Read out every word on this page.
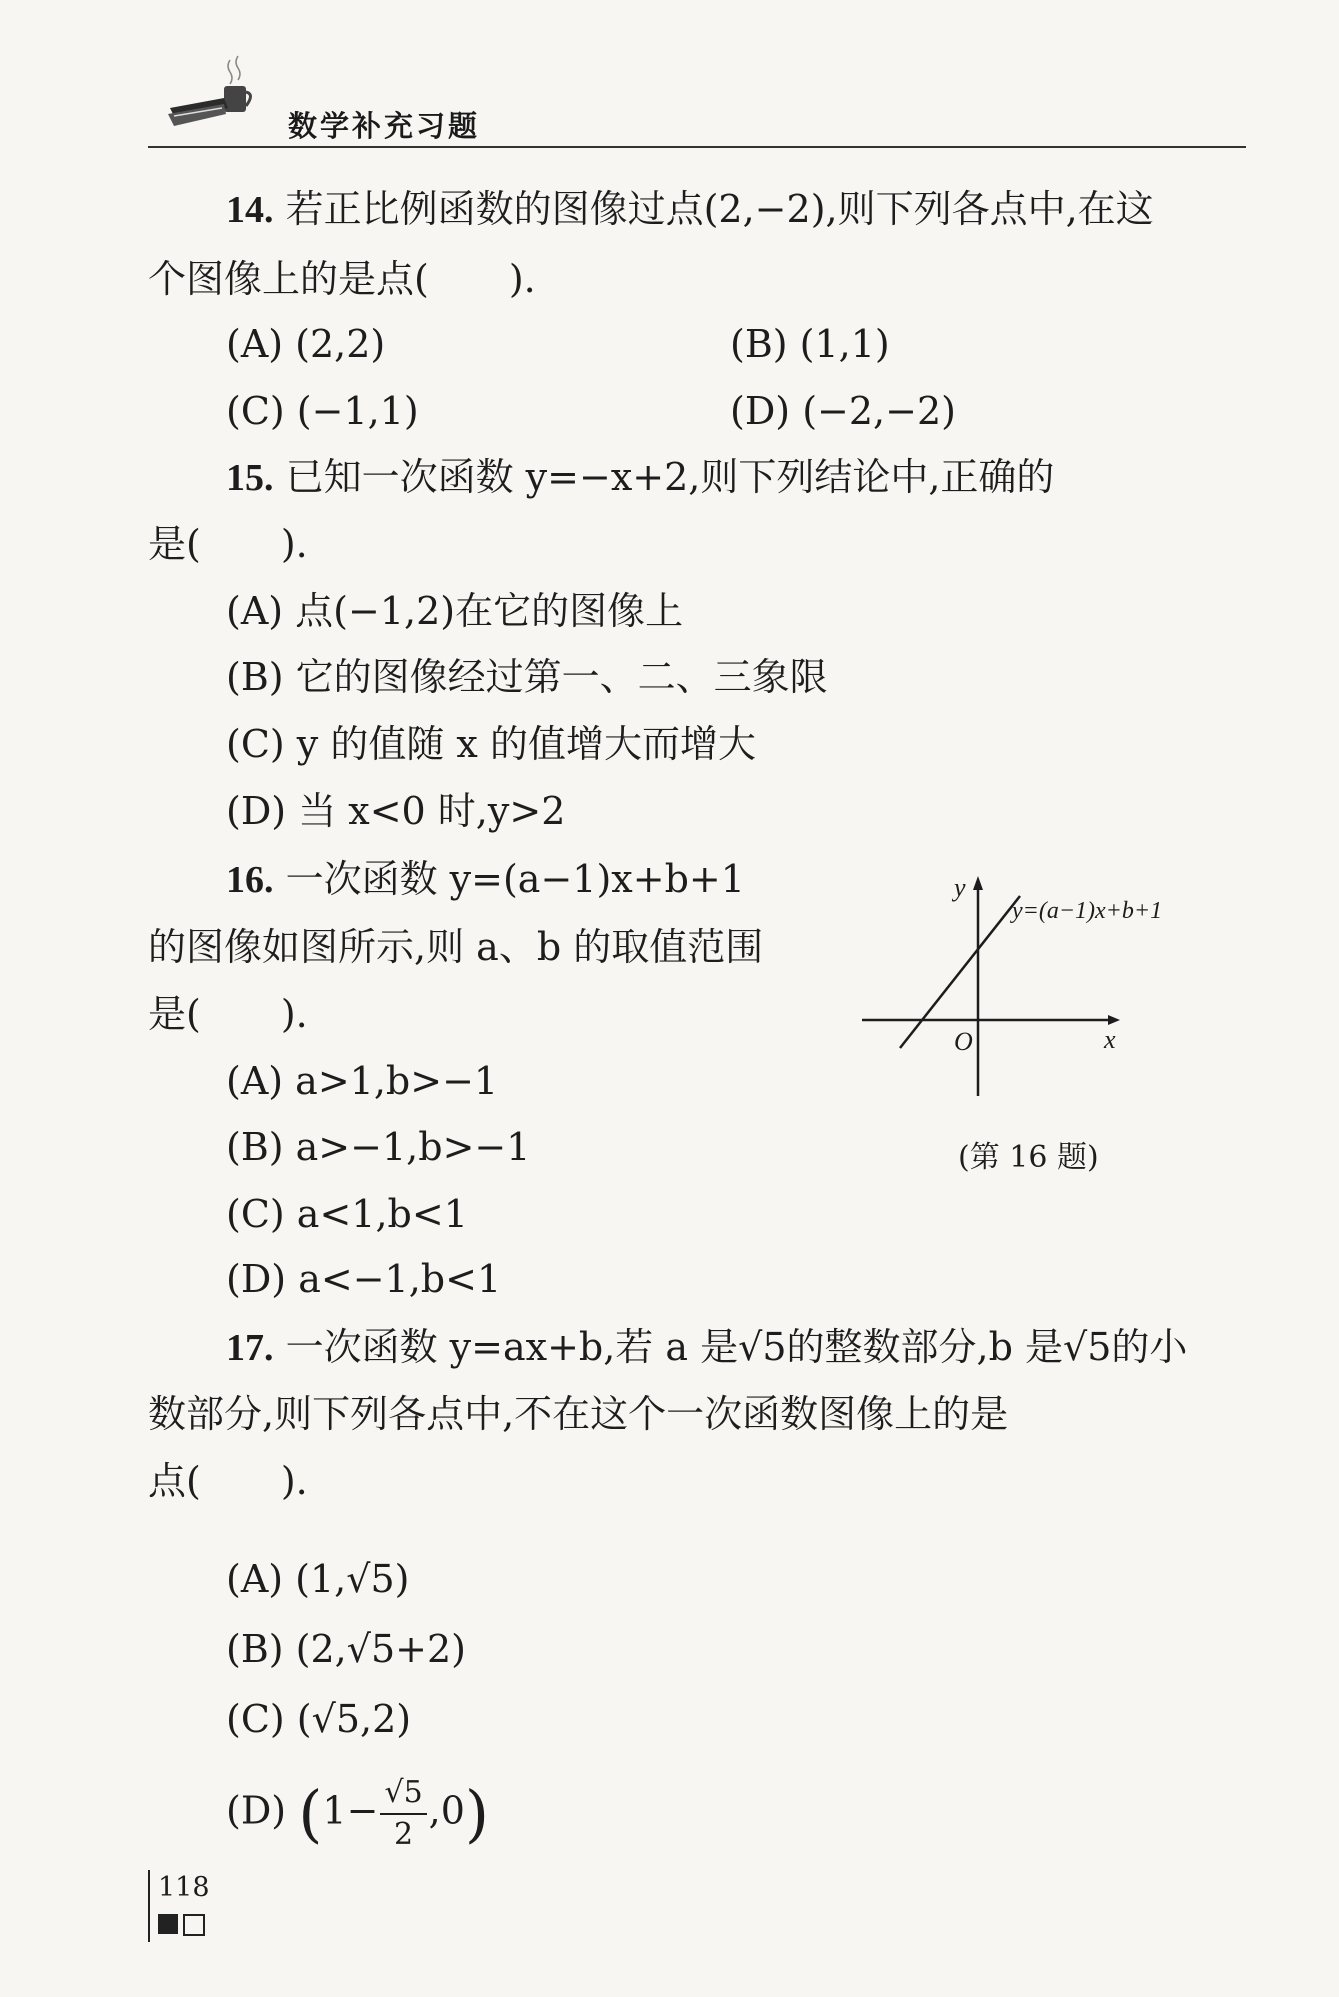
数学补充习题
14. 若正比例函数的图像过点(2,−2),则下列各点中,在这
个图像上的是点( ).
(A) (2,2)	(B) (1,1)
(C) (−1,1)	(D) (−2,−2)
15. 已知一次函数 y=−x+2,则下列结论中,正确的
是( ).
(A) 点(−1,2)在它的图像上
(B) 它的图像经过第一、二、三象限
(C) y 的值随 x 的值增大而增大
(D) 当 x<0 时,y>2
16. 一次函数 y=(a−1)x+b+1
的图像如图所示,则 a、b 的取值范围
是( ).
(A) a>1,b>−1
(B) a>−1,b>−1
(C) a<1,b<1
(D) a<−1,b<1
y
x
O
y=(a−1)x+b+1
(第 16 题)
17. 一次函数 y=ax+b,若 a 是√5的整数部分,b 是√5的小
数部分,则下列各点中,不在这个一次函数图像上的是
点( ).
(A) (1,√5)
(B) (2,√5+2)
(C) (√5,2)
(D) $(1- \frac{√5}{2} ,0)$
118
